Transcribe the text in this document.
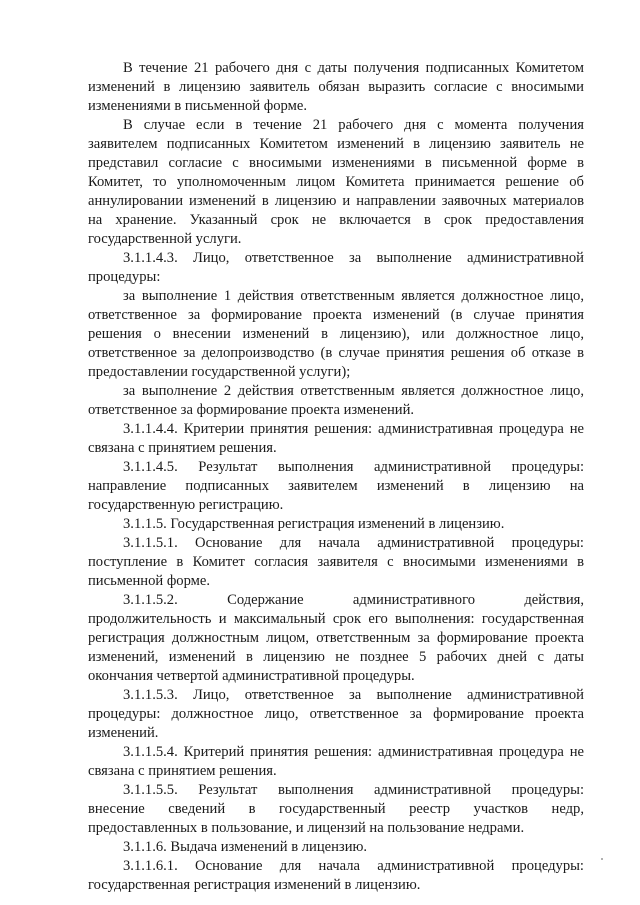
В течение 21 рабочего дня с даты получения подписанных Комитетом

изменений в лицензию заявитель обязан выразить согласие с вносимыми

изменениями в письменной форме.

В случае если в течение 21 рабочего дня с момента получения

заявителем подписанных Комитетом изменений в лицензию заявитель не

представил согласие с вносимыми изменениями в письменной форме в

Комитет, то уполномоченным лицом Комитета принимается решение об

аннулировании изменений в лицензию и направлении заявочных материалов

на хранение. Указанный срок не включается в срок предоставления

государственной услуги.

3.1.1.4.3. Лицо, ответственное за выполнение административной

процедуры:

за выполнение 1 действия ответственным является должностное лицо,

ответственное за формирование проекта изменений (в случае принятия

решения о внесении изменений в лицензию), или должностное лицо,

ответственное за делопроизводство (в случае принятия решения об отказе в

предоставлении государственной услуги);

за выполнение 2 действия ответственным является должностное лицо,

ответственное за формирование проекта изменений.

3.1.1.4.4. Критерии принятия решения: административная процедура не

связана с принятием решения.

3.1.1.4.5. Результат выполнения административной процедуры:

направление подписанных заявителем изменений в лицензию на

государственную регистрацию.

3.1.1.5. Государственная регистрация изменений в лицензию.

3.1.1.5.1. Основание для начала административной процедуры:

поступление в Комитет согласия заявителя с вносимыми изменениями в

письменной форме.

3.1.1.5.2. Содержание административного действия,

продолжительность и максимальный срок его выполнения: государственная

регистрация должностным лицом, ответственным за формирование проекта

изменений, изменений в лицензию не позднее 5 рабочих дней с даты

окончания четвертой административной процедуры.

3.1.1.5.3. Лицо, ответственное за выполнение административной

процедуры: должностное лицо, ответственное за формирование проекта

изменений.

3.1.1.5.4. Критерий принятия решения: административная процедура не

связана с принятием решения.

3.1.1.5.5. Результат выполнения административной процедуры:

внесение сведений в государственный реестр участков недр,

предоставленных в пользование, и лицензий на пользование недрами.

3.1.1.6. Выдача изменений в лицензию.

3.1.1.6.1. Основание для начала административной процедуры:

государственная регистрация изменений в лицензию.
